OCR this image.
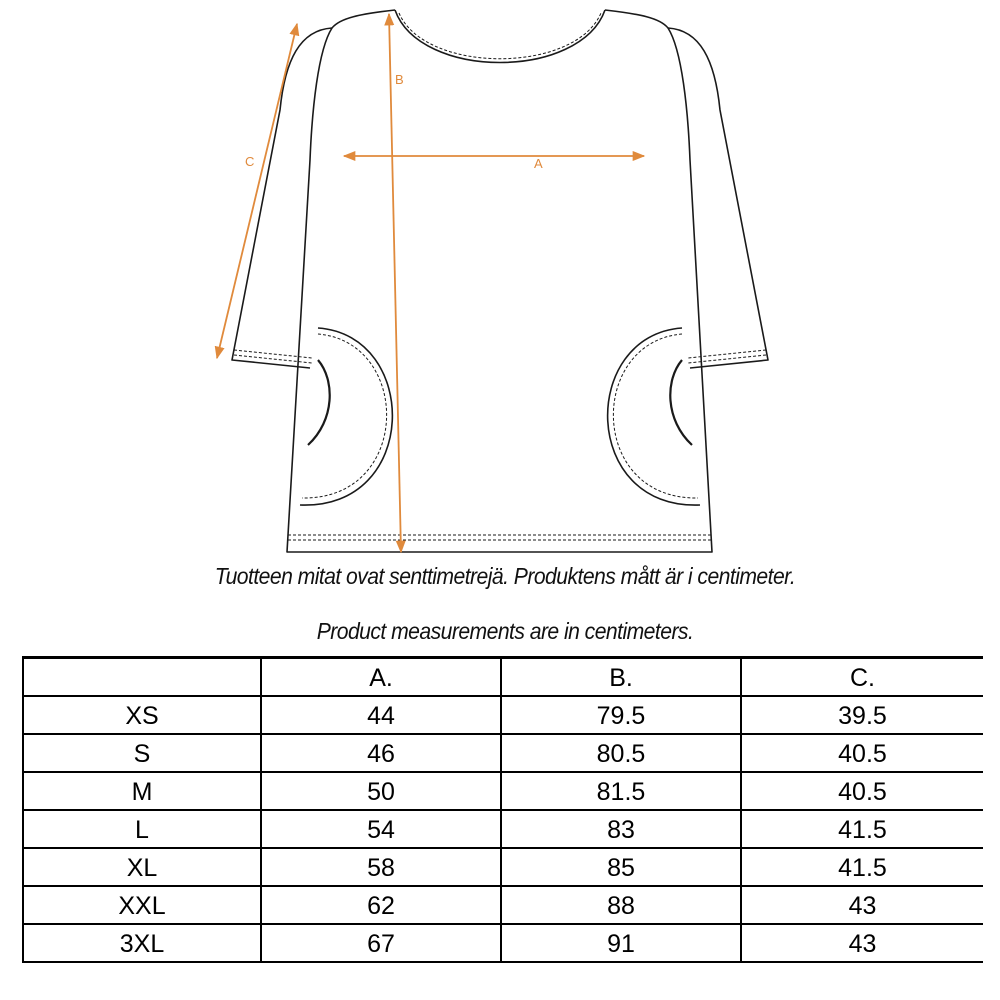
A
B
C
Tuotteen mitat ovat senttimetrejä. Produktens mått är i centimeter.
Product measurements are in centimeters.
	A.	B.	C.
XS	44	79.5	39.5
S	46	80.5	40.5
M	50	81.5	40.5
L	54	83	41.5
XL	58	85	41.5
XXL	62	88	43
3XL	67	91	43
